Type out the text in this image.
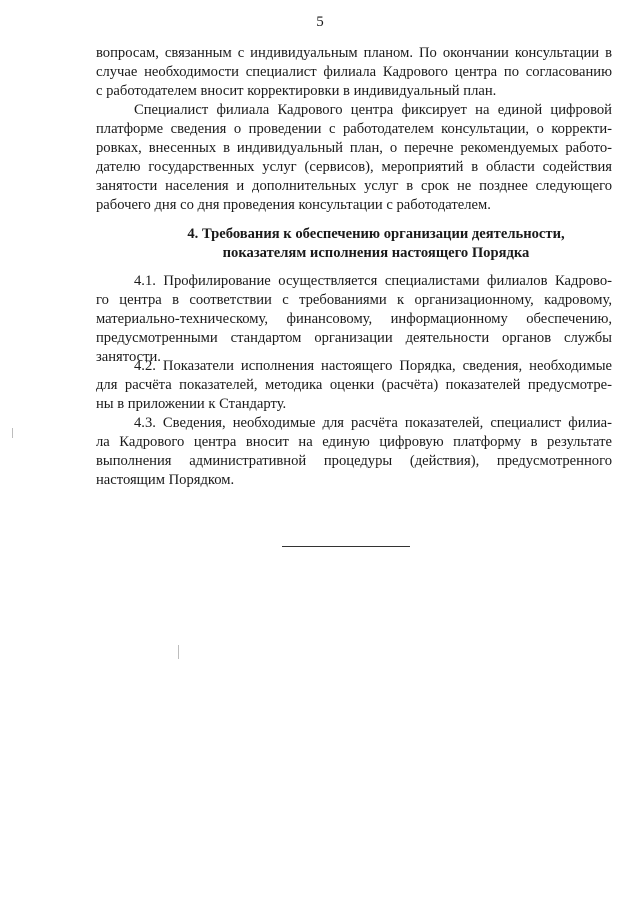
5
вопросам, связанным с индивидуальным планом. По окончании консультации в
случае необходимости специалист филиала Кадрового центра по согласованию
с работодателем вносит корректировки в индивидуальный план.
Специалист филиала Кадрового центра фиксирует на единой цифровой
платформе сведения о проведении с работодателем консультации, о корректи-
ровках, внесенных в индивидуальный план, о перечне рекомендуемых работо-
дателю государственных услуг (сервисов), мероприятий в области содействия
занятости населения и дополнительных услуг в срок не позднее следующего
рабочего дня со дня проведения консультации с работодателем.
4. Требования к обеспечению организации деятельности,
показателям исполнения настоящего Порядка
4.1. Профилирование осуществляется специалистами филиалов Кадрово-
го центра в соответствии с требованиями к организационному, кадровому,
материально-техническому, финансовому, информационному обеспечению,
предусмотренными стандартом организации деятельности органов службы
занятости.
4.2. Показатели исполнения настоящего Порядка, сведения, необходимые
для расчёта показателей, методика оценки (расчёта) показателей предусмотре-
ны в приложении к Стандарту.
4.3. Сведения, необходимые для расчёта показателей, специалист филиа-
ла Кадрового центра вносит на единую цифровую платформу в результате
выполнения административной процедуры (действия), предусмотренного
настоящим Порядком.
